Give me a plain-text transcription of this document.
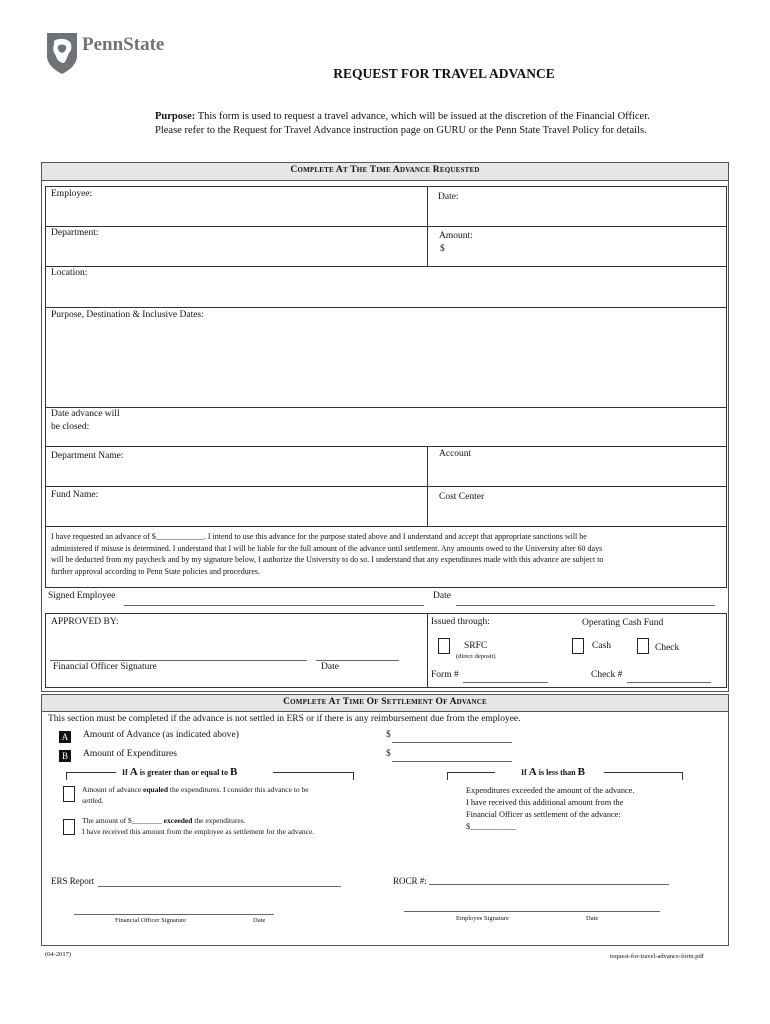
PennState
REQUEST FOR TRAVEL ADVANCE
Purpose: This form is used to request a travel advance, which will be issued at the discretion of the Financial Officer.
Please refer to the Request for Travel Advance instruction page on GURU or the Penn State Travel Policy for details.
Complete At The Time Advance Requested
Employee:	Date:
Department:	Amount:
$
Location:
Purpose, Destination & Inclusive Dates:
Date advance will
be closed:
Department Name:	Account
Fund Name:	Cost Center
I have requested an advance of $____________. I intend to use this advance for the purpose stated above and I understand and accept that appropriate sanctions will be
administered if misuse is determined. I understand that I will be liable for the full amount of the advance until settlement. Any amounts owed to the University after 60 days
will be deducted from my paycheck and by my signature below, I authorize the University to do so. I understand that any expenditures made with this advance are subject to
further approval according to Penn State policies and procedures.
Signed Employee	Date
APPROVED BY:
Financial Officer Signature	Date
Issued through:	Operating Cash Fund
SRFC
(direct deposit)
Cash	Check
Form #	Check #
Complete At Time Of Settlement Of Advance
This section must be completed if the advance is not settled in ERS or if there is any reimbursement due from the employee.
A Amount of Advance (as indicated above)	$
B	Amount of Expenditures	$
If A is greater than or equal to B	If A is less than B
Amount of advance equaled the expenditures. I consider this advance to be
settled.
The amount of $________ exceeded the expenditures.
I have received this amount from the employee as settlement for the advance.
Expenditures exceeded the amount of the advance.
I have received this additional amount from the
Financial Officer as settlement of the advance:
$___________
ERS Report	ROCR #:
Financial Officer Signature	Date	Employee Signature	Date
(04-2017)	request-for-travel-advance-form.pdf
